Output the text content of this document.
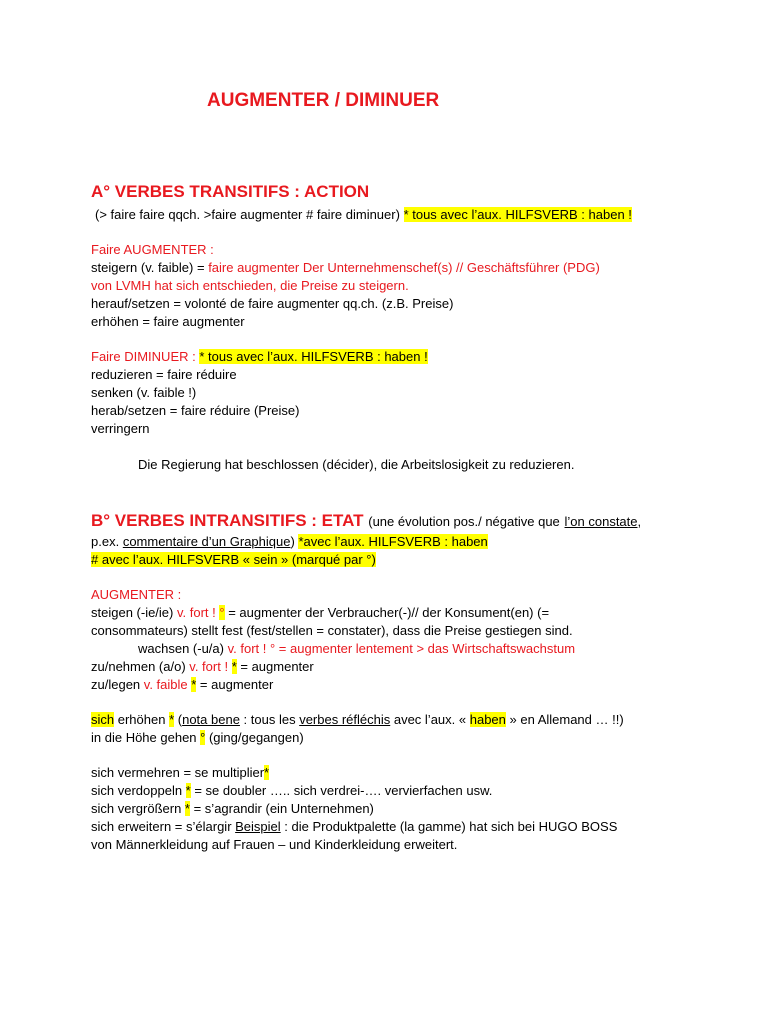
AUGMENTER / DIMINUER
A° VERBES TRANSITIFS : ACTION
(> faire faire qqch. >faire augmenter # faire diminuer) * tous avec l’aux. HILFSVERB : haben !
Faire AUGMENTER :
steigern (v. faible) = faire augmenter Der Unternehmenschef(s) // Geschäftsführer (PDG)
von LVMH hat sich entschieden, die Preise zu steigern.
herauf/setzen = volonté de faire augmenter qq.ch. (z.B. Preise)
erhöhen = faire augmenter
Faire DIMINUER : * tous avec l’aux. HILFSVERB : haben !
reduzieren = faire réduire
senken (v. faible !)
herab/setzen = faire réduire (Preise)
verringern
Die Regierung hat beschlossen (décider), die Arbeitslosigkeit zu reduzieren.
B° VERBES INTRANSITIFS : ETAT (une évolution pos./ négative que l’on constate,
p.ex. commentaire d’un Graphique) *avec l’aux. HILFSVERB : haben
# avec l’aux. HILFSVERB « sein » (marqué par °)
AUGMENTER :
steigen (-ie/ie) v. fort ! ° = augmenter der Verbraucher(-)// der Konsument(en) (=
consommateurs) stellt fest (fest/stellen = constater), dass die Preise gestiegen sind.
wachsen (-u/a) v. fort ! ° = augmenter lentement > das Wirtschaftswachstum
zu/nehmen (a/o) v. fort ! * = augmenter
zu/legen v. faible * = augmenter
sich erhöhen * (nota bene : tous les verbes réfléchis avec l’aux. « haben » en Allemand … !!)
in die Höhe gehen ° (ging/gegangen)
sich vermehren = se multiplier*
sich verdoppeln * = se doubler ….. sich verdrei-…. vervierfachen usw.
sich vergrößern * = s’agrandir (ein Unternehmen)
sich erweitern = s’élargir Beispiel : die Produktpalette (la gamme) hat sich bei HUGO BOSS
von Männerkleidung auf Frauen – und Kinderkleidung erweitert.
